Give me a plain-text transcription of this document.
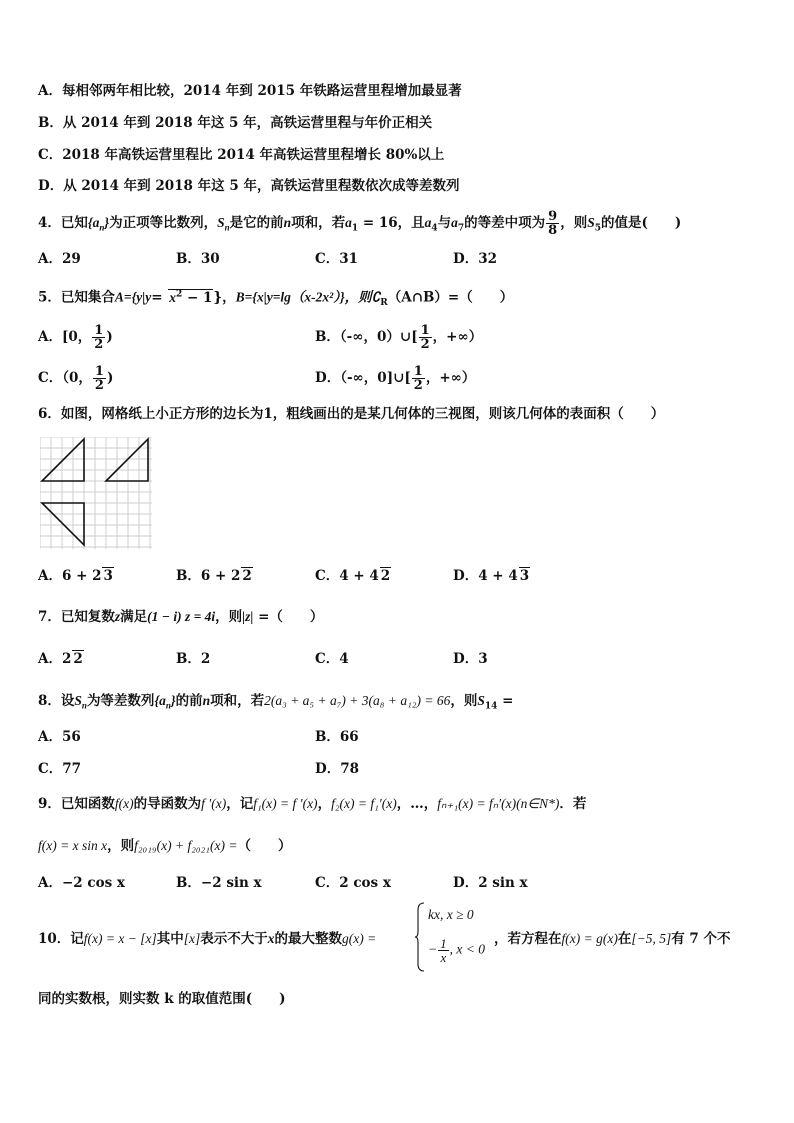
A．每相邻两年相比较，2014 年到 2015 年铁路运营里程增加最显著
B．从 2014 年到 2018 年这 5 年，高铁运营里程与年价正相关
C．2018 年高铁运营里程比 2014 年高铁运营里程增长 80%以上
D．从 2014 年到 2018 年这 5 年，高铁运营里程数依次成等差数列
4．已知$\{a_n\}$为正项等比数列，$S_n$是它的前n项和，若$a_1 = 16$，且$a_4$与$a_7$的等差中项为 $\frac{9}{8}$ ，则$S_5$的值是(　　)
A．29	B．30	C．31	D．32
5．已知集合$A=\{y|y= x^2 - 1\}$，B={x|y=lg（x-2x²）}，则$∁_R(A\cap B)=$（　　）
A．[0， $\frac{1}{2}$ )	B．（-∞，0）∪[ $\frac{1}{2}$ ，+∞）
C．（0， $\frac{1}{2}$ )	D．（-∞，0]∪[ $\frac{1}{2}$ ，+∞）
6．如图，网格纸上小正方形的边长为1，粗线画出的是某几何体的三视图，则该几何体的表面积（　　）
A．6 + 2 3	B．6 + 2 2	C．4 + 4 2	D．4 + 4 3
7．已知复数z满足(1 − i) z = 4i，则|z| =（　　）
A．2 2	B．2	C．4	D．3
8．设$S_n$为等差数列$\{a_n\}$的前n项和，若2(a₃ + a₅ + a₇) + 3(a₈ + a₁₂) = 66，则$S_{14}$ =
A．56	B．66
C．77	D．78
9．已知函数f(x)的导函数为f ′(x)，记f₁(x) = f ′(x)，f₂(x) = f₁′(x)，…，fₙ₊₁(x) = fₙ′(x)(n∈N*)．若
f(x) = x sin x，则f₂₀₁₉(x) + f₂₀₂₁(x) =（　　）
A．−2 cos x	B．−2 sin x	C．2 cos x	D．2 sin x
10．记f(x) = x − [x]其中[x]表示不大于x的最大整数g(x) =
kx, x ≥ 0
− $\frac{1}{x}$ , x < 0
，若方程在f(x) = g(x)在[−5, 5]有 7 个不
同的实数根，则实数 k 的取值范围(　　)
